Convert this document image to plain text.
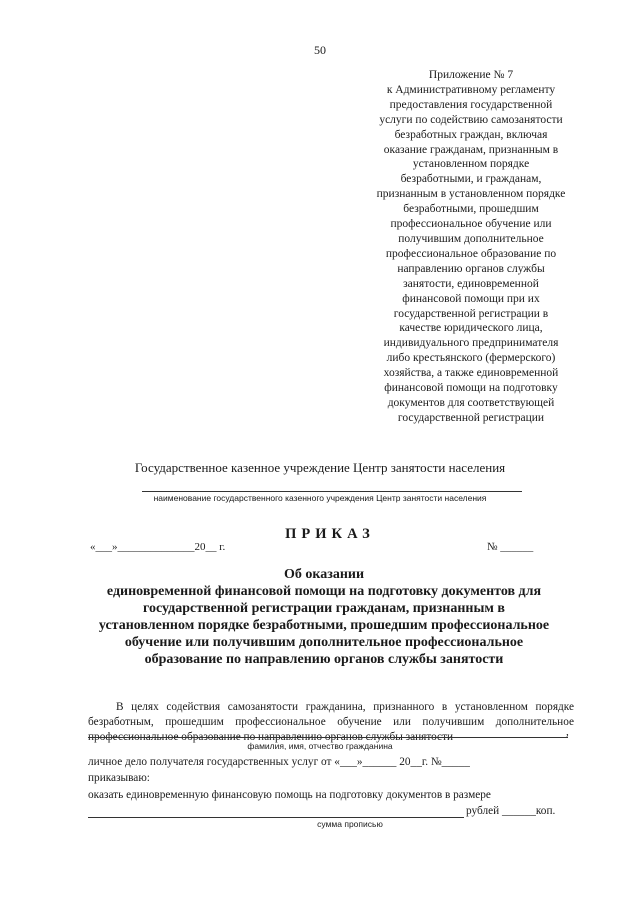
50
Приложение № 7
к Административному регламенту
предоставления государственной
услуги по содействию самозанятости
безработных граждан, включая
оказание гражданам, признанным в
установленном порядке
безработными, и гражданам,
признанным в установленном порядке
безработными, прошедшим
профессиональное обучение или
получившим дополнительное
профессиональное образование по
направлению органов службы
занятости, единовременной
финансовой помощи при их
государственной регистрации в
качестве юридического лица,
индивидуального предпринимателя
либо крестьянского (фермерского)
хозяйства, а также единовременной
финансовой помощи на подготовку
документов для соответствующей
государственной регистрации
Государственное казенное учреждение Центр занятости населения
наименование государственного казенного учреждения Центр занятости населения
ПРИКАЗ
«___»______________20__ г.	№ ______
Об оказании
единовременной финансовой помощи на подготовку документов для
государственной регистрации гражданам, признанным в
установленном порядке безработными, прошедшим профессиональное
обучение или получившим дополнительное профессиональное
образование по направлению органов службы занятости
В целях содействия самозанятости гражданина, признанного в установленном порядке безработным, прошедшим профессиональное обучение или получившим дополнительное профессиональное образование по направлению органов службы занятости	,
фамилия, имя, отчество гражданина
личное дело получателя государственных услуг от «___»______ 20__г. №_____
приказываю:
оказать единовременную финансовую помощь на подготовку документов в размере
рублей ______коп.
сумма прописью
